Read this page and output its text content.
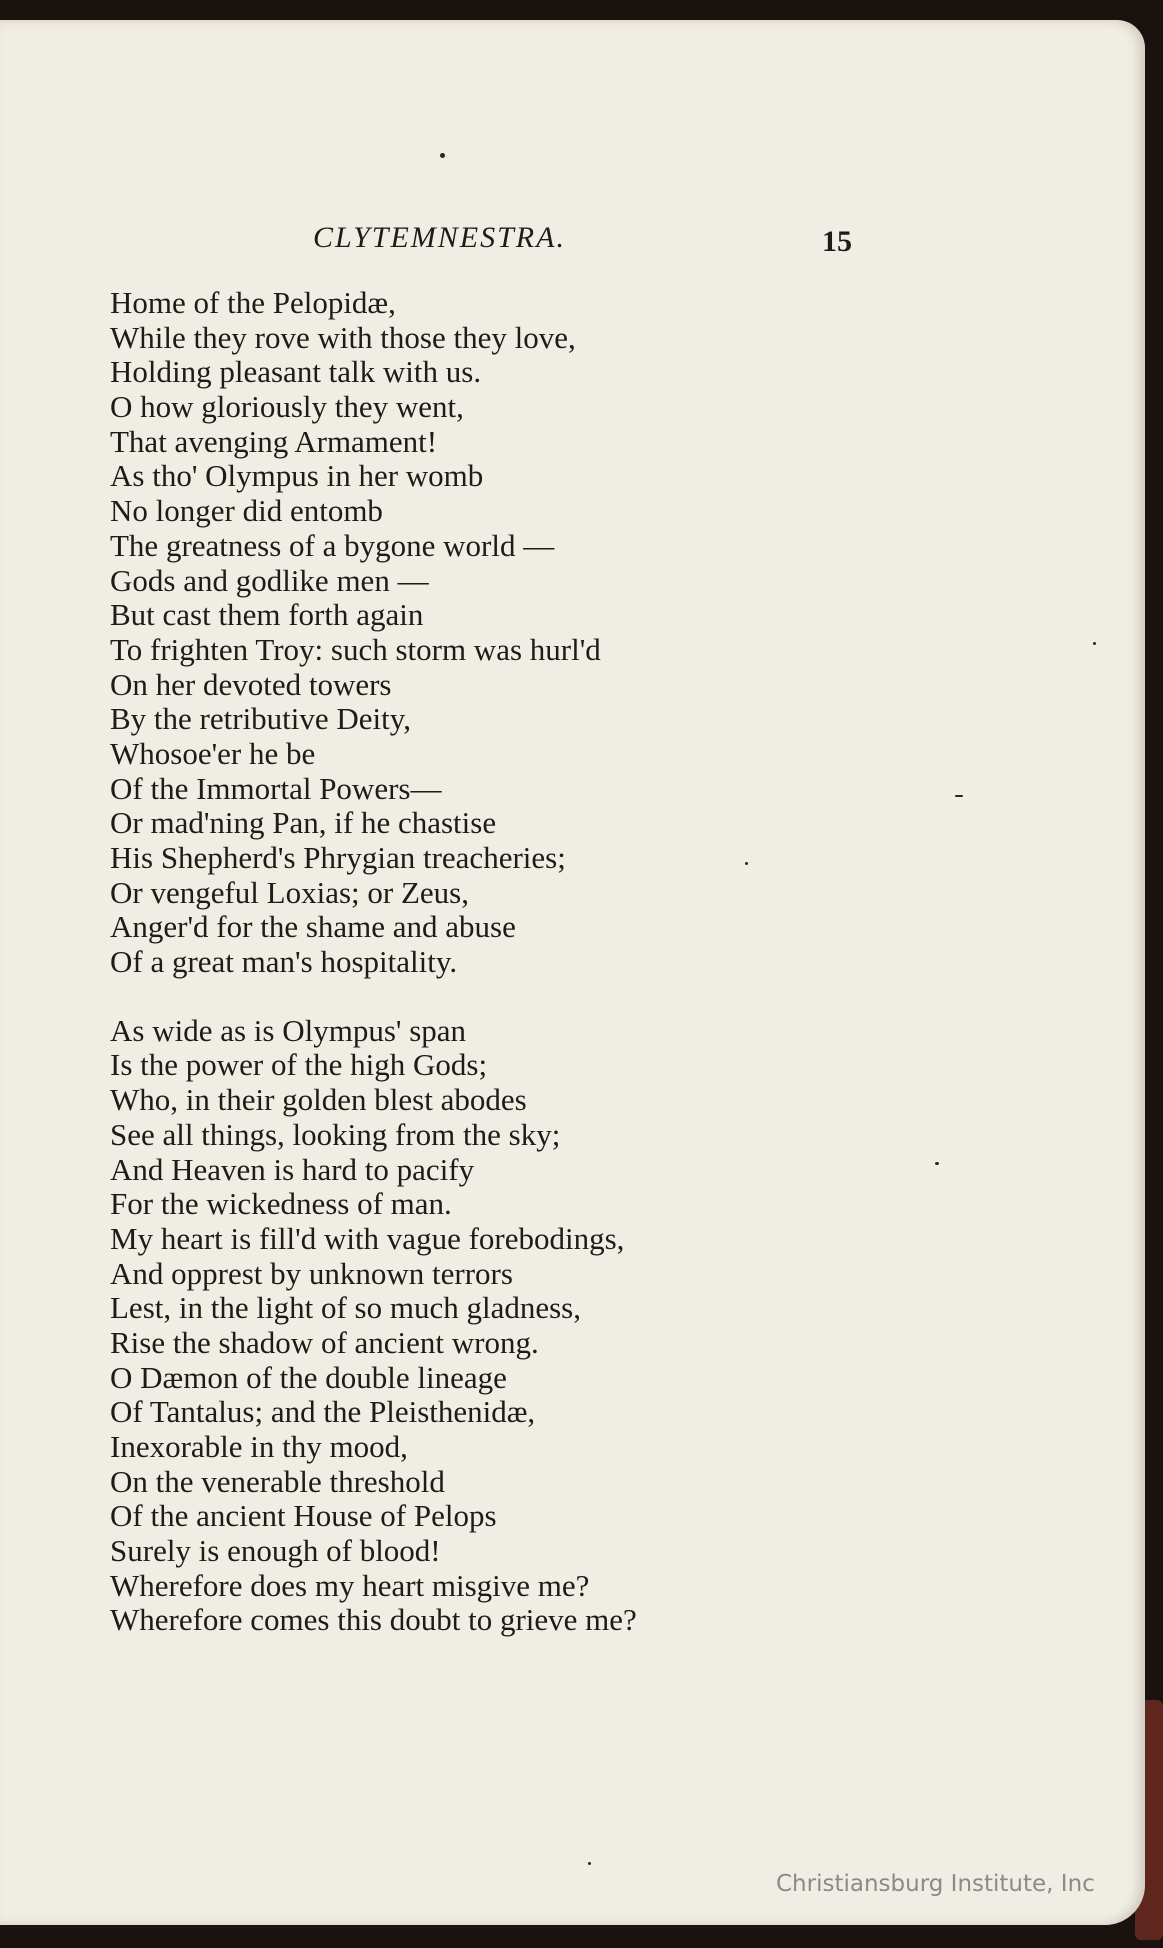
CLYTEMNESTRA.	15
Home of the Pelopidæ,
While they rove with those they love,
Holding pleasant talk with us.
O how gloriously they went,
That avenging Armament!
As tho' Olympus in her womb
No longer did entomb
The greatness of a bygone world —
Gods and godlike men —
But cast them forth again
To frighten Troy: such storm was hurl'd
On her devoted towers
By the retributive Deity,
Whosoe'er he be
Of the Immortal Powers—
Or mad'ning Pan, if he chastise
His Shepherd's Phrygian treacheries;
Or vengeful Loxias; or Zeus,
Anger'd for the shame and abuse
Of a great man's hospitality.
As wide as is Olympus' span
Is the power of the high Gods;
Who, in their golden blest abodes
See all things, looking from the sky;
And Heaven is hard to pacify
For the wickedness of man.
My heart is fill'd with vague forebodings,
And opprest by unknown terrors
Lest, in the light of so much gladness,
Rise the shadow of ancient wrong.
O Dæmon of the double lineage
Of Tantalus; and the Pleisthenidæ,
Inexorable in thy mood,
On the venerable threshold
Of the ancient House of Pelops
Surely is enough of blood!
Wherefore does my heart misgive me?
Wherefore comes this doubt to grieve me?
Christiansburg Institute, Inc
